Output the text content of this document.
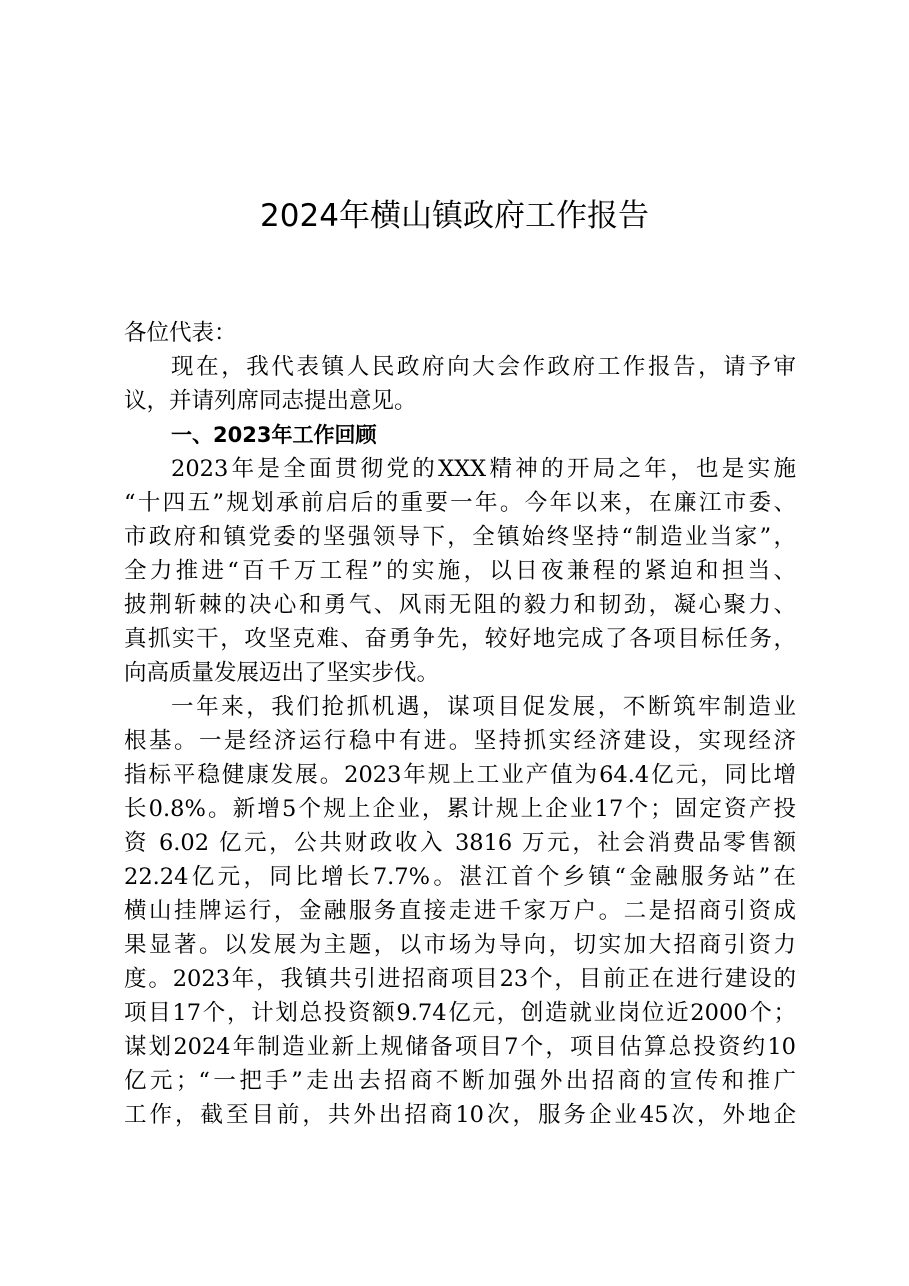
2024年横山镇政府工作报告
各位代表：
现在，我代表镇人民政府向大会作政府工作报告，请予审
议，并请列席同志提出意见。
一、2023年工作回顾
2023年是全面贯彻党的XXX精神的开局之年，也是实施
“十四五”规划承前启后的重要一年。今年以来，在廉江市委、
市政府和镇党委的坚强领导下，全镇始终坚持“制造业当家”，
全力推进“百千万工程”的实施，以日夜兼程的紧迫和担当、
披荆斩棘的决心和勇气、风雨无阻的毅力和韧劲，凝心聚力、
真抓实干，攻坚克难、奋勇争先，较好地完成了各项目标任务，
向高质量发展迈出了坚实步伐。
一年来，我们抢抓机遇，谋项目促发展，不断筑牢制造业
根基。一是经济运行稳中有进。坚持抓实经济建设，实现经济
指标平稳健康发展。2023年规上工业产值为64.4亿元，同比增
长0.8%。新增5个规上企业，累计规上企业17个；固定资产投
资 6.02 亿元，公共财政收入 3816 万元，社会消费品零售额
22.24亿元，同比增长7.7%。湛江首个乡镇“金融服务站”在
横山挂牌运行，金融服务直接走进千家万户。二是招商引资成
果显著。以发展为主题，以市场为导向，切实加大招商引资力
度。2023年，我镇共引进招商项目23个，目前正在进行建设的
项目17个，计划总投资额9.74亿元，创造就业岗位近2000个；
谋划2024年制造业新上规储备项目7个，项目估算总投资约10
亿元；“一把手”走出去招商不断加强外出招商的宣传和推广
工作，截至目前，共外出招商10次，服务企业45次，外地企
